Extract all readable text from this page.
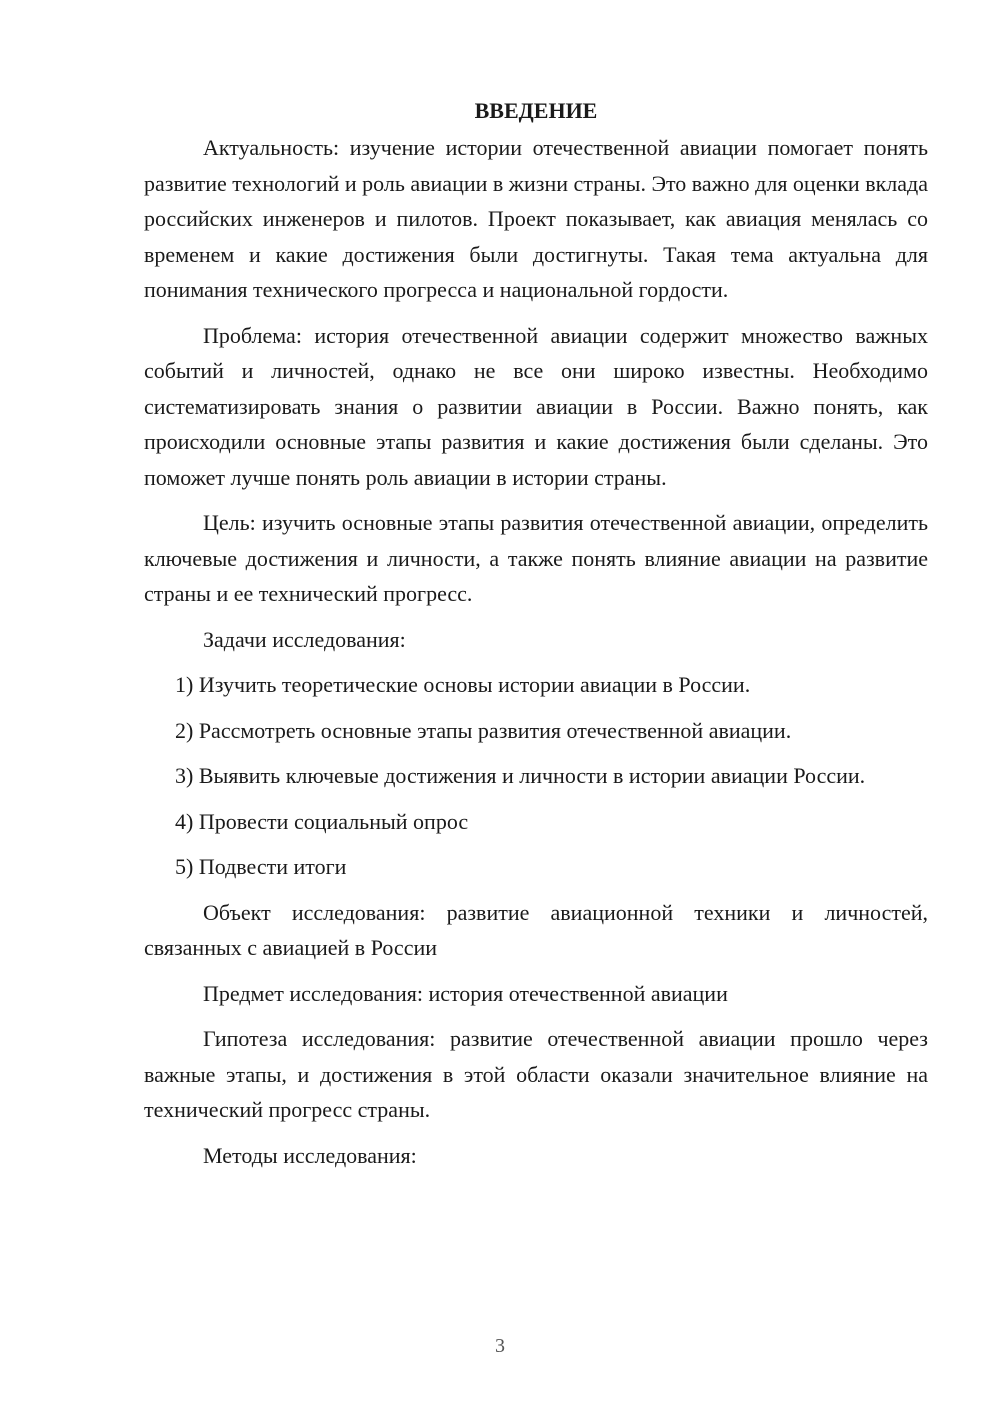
ВВЕДЕНИЕ

Актуальность: изучение истории отечественной авиации помогает понять развитие технологий и роль авиации в жизни страны. Это важно для оценки вклада российских инженеров и пилотов. Проект показывает, как авиация менялась со временем и какие достижения были достигнуты. Такая тема актуальна для понимания технического прогресса и национальной гордости.

Проблема: история отечественной авиации содержит множество важных событий и личностей, однако не все они широко известны. Необходимо систематизировать знания о развитии авиации в России. Важно понять, как происходили основные этапы развития и какие достижения были сделаны. Это поможет лучше понять роль авиации в истории страны.

Цель: изучить основные этапы развития отечественной авиации, определить ключевые достижения и личности, а также понять влияние авиации на развитие страны и ее технический прогресс.

Задачи исследования:

1) Изучить теоретические основы истории авиации в России.

2) Рассмотреть основные этапы развития отечественной авиации.

3) Выявить ключевые достижения и личности в истории авиации России.

4) Провести социальный опрос

5) Подвести итоги

Объект исследования: развитие авиационной техники и личностей, связанных с авиацией в России

Предмет исследования: история отечественной авиации

Гипотеза исследования: развитие отечественной авиации прошло через важные этапы, и достижения в этой области оказали значительное влияние на технический прогресс страны.

Методы исследования:

3
